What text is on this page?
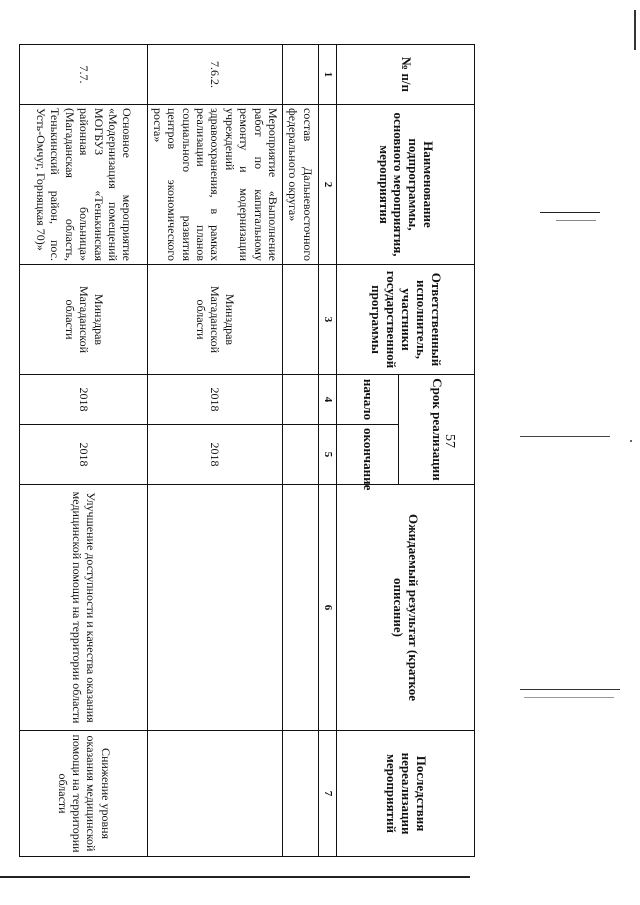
57
№ п/п	Наименование подпрограммы, основного мероприятия, мероприятия	Ответственный исполнитель, участники государственной программы	Срок реализации		Ожидаемый результат (краткое описание)	Последствия нереализации мероприятий
			начало	окончание		
1	2	3	4	5	6	7
	состав Дальневосточного федерального округа»					
7.6.2.	Мероприятие «Выполнение работ по капитальному ремонту и модернизации учреждений здравоохранения, в рамках реализации планов социального развития центров экономического роста»	Минздрав Магаданской области	2018	2018		
7.7.	Основное мероприятие «Модернизация помещений МОГБУЗ «Тенькинская районная больница» (Магаданская область, Тенькинский район, пос. Усть-Омчуг, Горняцкая 70)»	Минздрав Магаданской области	2018	2018	Улучшение доступности и качества оказания медицинской помощи на территории области	Снижение уровня оказания медицинской помощи на территории области
